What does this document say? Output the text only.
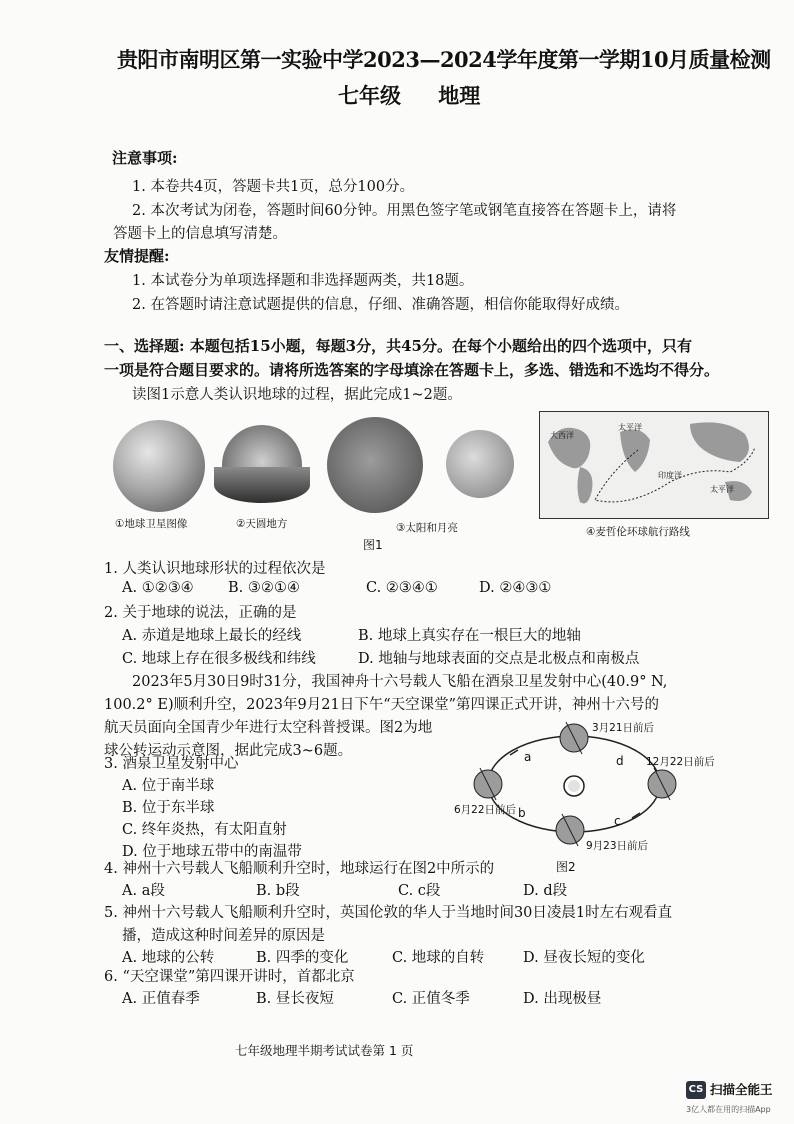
贵阳市南明区第一实验中学2023—2024学年度第一学期10月质量检测
七年级 地理
注意事项:
1. 本卷共4页，答题卡共1页，总分100分。
2. 本次考试为闭卷，答题时间60分钟。用黑色签字笔或钢笔直接答在答题卡上，请将
答题卡上的信息填写清楚。
友情提醒:
1. 本试卷分为单项选择题和非选择题两类，共18题。
2. 在答题时请注意试题提供的信息，仔细、准确答题，相信你能取得好成绩。
一、选择题: 本题包括15小题，每题3分，共45分。在每个小题给出的四个选项中，只有
一项是符合题目要求的。请将所选答案的字母填涂在答题卡上，多选、错选和不选均不得分。
读图1示意人类认识地球的过程，据此完成1~2题。
大西洋
太平洋
印度洋
太平洋
①地球卫星图像	②天圆地方	③太阳和月亮	④麦哲伦环球航行路线
图1
1. 人类认识地球形状的过程依次是
A. ①②③④ B. ③②①④	C. ②③④①	D. ②④③①
2. 关于地球的说法，正确的是
A. 赤道是地球上最长的经线	B. 地球上真实存在一根巨大的地轴
C. 地球上存在很多极线和纬线	D. 地轴与地球表面的交点是北极点和南极点
2023年5月30日9时31分，我国神舟十六号载人飞船在酒泉卫星发射中心(40.9° N,
100.2° E)顺利升空，2023年9月21日下午“天空课堂”第四课正式开讲，神州十六号的
航天员面向全国青少年进行太空科普授课。图2为地
球公转运动示意图，据此完成3~6题。
3月21日前后
12月22日前后
6月22日前后
9月23日前后
a
b
c
d
图2
3. 酒泉卫星发射中心
A. 位于南半球
B. 位于东半球
C. 终年炎热，有太阳直射
D. 位于地球五带中的南温带
4. 神州十六号载人飞船顺利升空时，地球运行在图2中所示的
A. a段	B. b段	C. c段	D. d段
5. 神州十六号载人飞船顺利升空时，英国伦敦的华人于当地时间30日凌晨1时左右观看直
播，造成这种时间差异的原因是
A. 地球的公转	B. 四季的变化	C. 地球的自转	D. 昼夜长短的变化
6. “天空课堂”第四课开讲时，首都北京
A. 正值春季	B. 昼长夜短	C. 正值冬季	D. 出现极昼
七年级地理半期考试试卷第 1 页
CS 扫描全能王
3亿人都在用的扫描App
